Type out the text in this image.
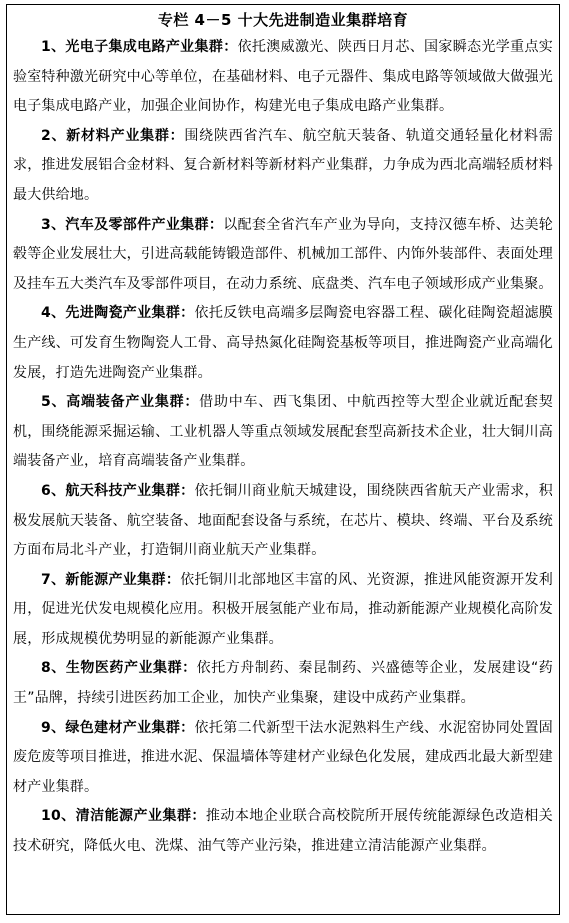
专栏 4－5 十大先进制造业集群培育

1、光电子集成电路产业集群：依托澳威激光、陕西日月芯、国家瞬态光学重点实验室特种激光研究中心等单位，在基础材料、电子元器件、集成电路等领域做大做强光电子集成电路产业，加强企业间协作，构建光电子集成电路产业集群。

2、新材料产业集群：围绕陕西省汽车、航空航天装备、轨道交通轻量化材料需求，推进发展铝合金材料、复合新材料等新材料产业集群，力争成为西北高端轻质材料最大供给地。

3、汽车及零部件产业集群：以配套全省汽车产业为导向，支持汉德车桥、达美轮毂等企业发展壮大，引进高载能铸锻造部件、机械加工部件、内饰外装部件、表面处理及挂车五大类汽车及零部件项目，在动力系统、底盘类、汽车电子领域形成产业集聚。

4、先进陶瓷产业集群：依托反铁电高端多层陶瓷电容器工程、碳化硅陶瓷超滤膜生产线、可发育生物陶瓷人工骨、高导热氮化硅陶瓷基板等项目，推进陶瓷产业高端化发展，打造先进陶瓷产业集群。

5、高端装备产业集群：借助中车、西飞集团、中航西控等大型企业就近配套契机，围绕能源采掘运输、工业机器人等重点领域发展配套型高新技术企业，壮大铜川高端装备产业，培育高端装备产业集群。

6、航天科技产业集群：依托铜川商业航天城建设，围绕陕西省航天产业需求，积极发展航天装备、航空装备、地面配套设备与系统，在芯片、模块、终端、平台及系统方面布局北斗产业，打造铜川商业航天产业集群。

7、新能源产业集群：依托铜川北部地区丰富的风、光资源，推进风能资源开发利用，促进光伏发电规模化应用。积极开展氢能产业布局，推动新能源产业规模化高阶发展，形成规模优势明显的新能源产业集群。

8、生物医药产业集群：依托方舟制药、秦昆制药、兴盛德等企业，发展建设“药王”品牌，持续引进医药加工企业，加快产业集聚，建设中成药产业集群。

9、绿色建材产业集群：依托第二代新型干法水泥熟料生产线、水泥窑协同处置固废危废等项目推进，推进水泥、保温墙体等建材产业绿色化发展，建成西北最大新型建材产业集群。

10、清洁能源产业集群：推动本地企业联合高校院所开展传统能源绿色改造相关技术研究，降低火电、洗煤、油气等产业污染，推进建立清洁能源产业集群。
